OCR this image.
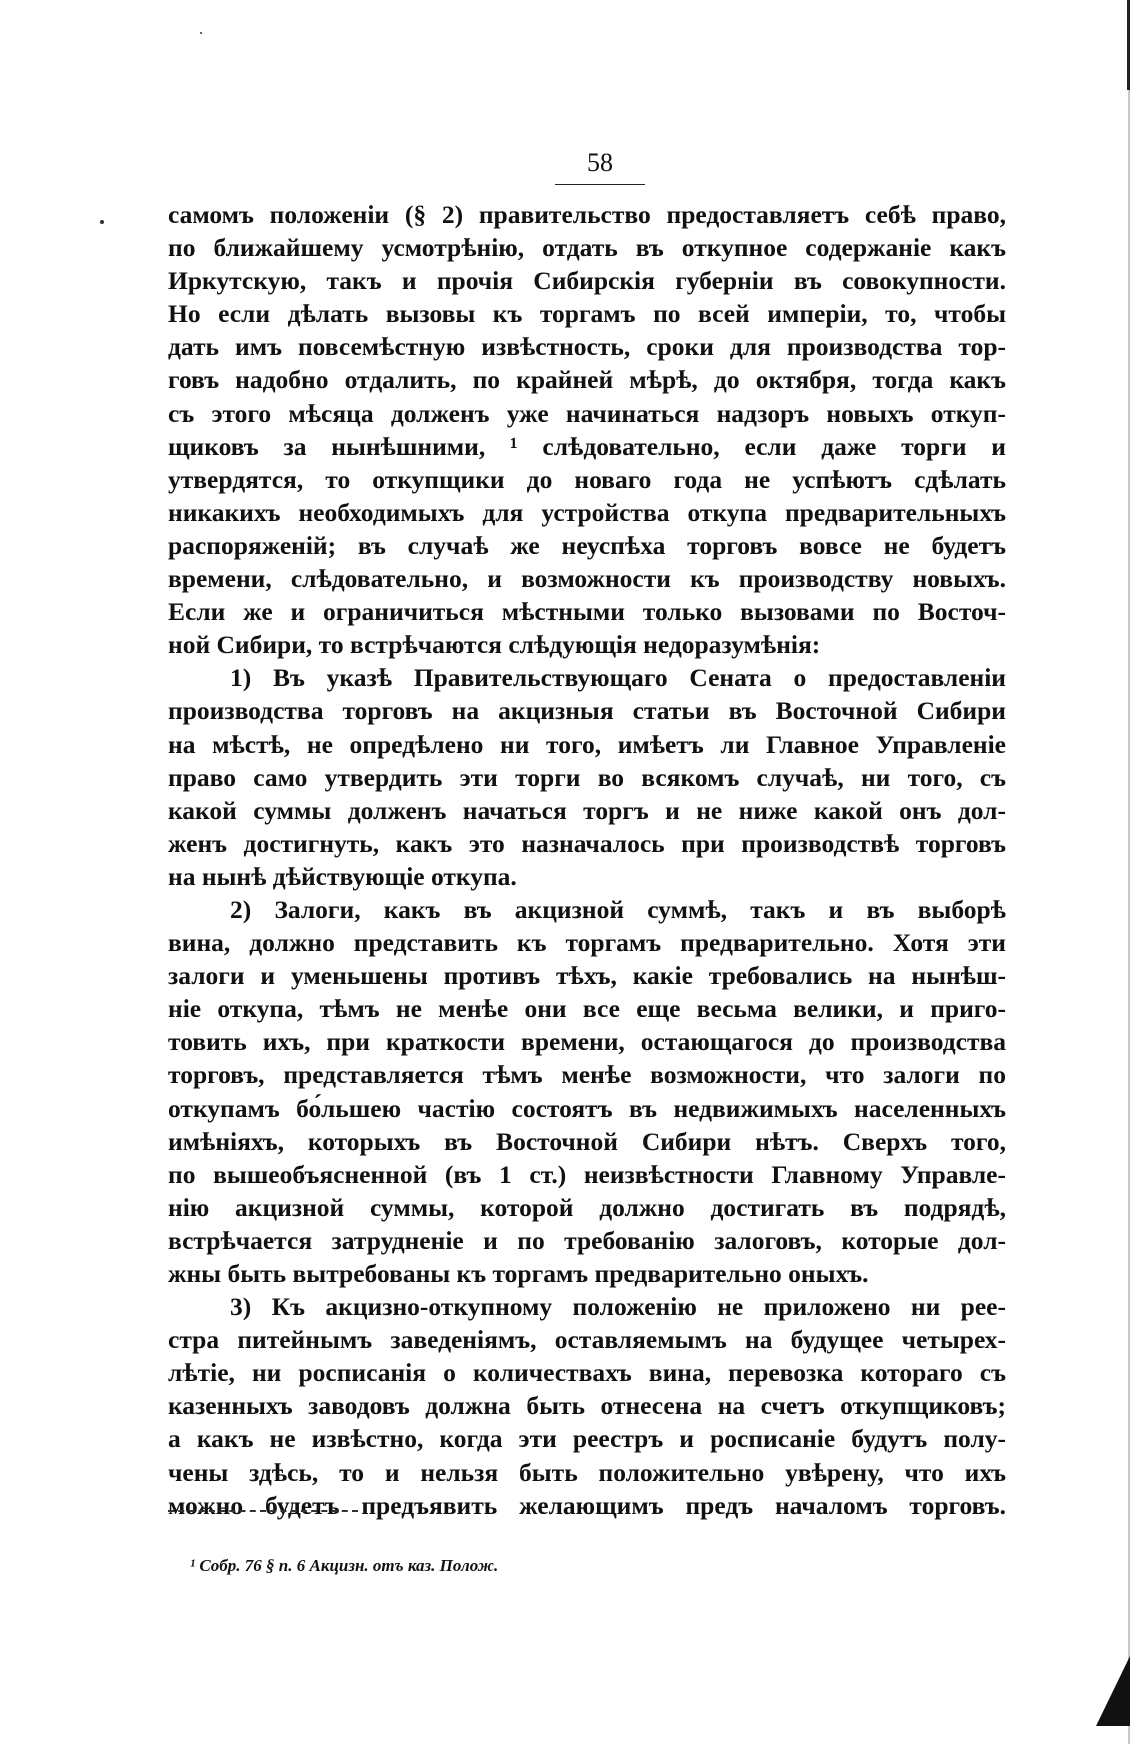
58
самомъ положеніи (§ 2) правительство предоставляетъ себѣ право,
по ближайшему усмотрѣнію, отдать въ откупное содержаніе какъ
Иркутскую, такъ и прочія Сибирскія губерніи въ совокупности.
Но если дѣлать вызовы къ торгамъ по всей имперіи, то, чтобы
дать имъ повсемѣстную извѣстность, сроки для производства тор-
говъ надобно отдалить, по крайней мѣрѣ, до октября, тогда какъ
съ этого мѣсяца долженъ уже начинаться надзоръ новыхъ откуп-
щиковъ за нынѣшними, ¹ слѣдовательно, если даже торги и
утвердятся, то откупщики до новаго года не успѣютъ сдѣлать
никакихъ необходимыхъ для устройства откупа предварительныхъ
распоряженій; въ случаѣ же неуспѣха торговъ вовсе не будетъ
времени, слѣдовательно, и возможности къ производству новыхъ.
Если же и ограничиться мѣстными только вызовами по Восточ-
ной Сибири, то встрѣчаются слѣдующія недоразумѣнія:
1) Въ указѣ Правительствующаго Сената о предоставленіи
производства торговъ на акцизныя статьи въ Восточной Сибири
на мѣстѣ, не опредѣлено ни того, имѣетъ ли Главное Управленіе
право само утвердить эти торги во всякомъ случаѣ, ни того, съ
какой суммы долженъ начаться торгъ и не ниже какой онъ дол-
женъ достигнуть, какъ это назначалось при производствѣ торговъ
на нынѣ дѣйствующіе откупа.
2) Залоги, какъ въ акцизной суммѣ, такъ и въ выборѣ
вина, должно представить къ торгамъ предварительно. Хотя эти
залоги и уменьшены противъ тѣхъ, какіе требовались на нынѣш-
ніе откупа, тѣмъ не менѣе они все еще весьма велики, и приго-
товить ихъ, при краткости времени, остающагося до производства
торговъ, представляется тѣмъ менѣе возможности, что залоги по
откупамъ бо́льшею частію состоятъ въ недвижимыхъ населенныхъ
имѣніяхъ, которыхъ въ Восточной Сибири нѣтъ. Сверхъ того,
по вышеобъясненной (въ 1 ст.) неизвѣстности Главному Управле-
нію акцизной суммы, которой должно достигать въ подрядѣ,
встрѣчается затрудненіе и по требованію залоговъ, которые дол-
жны быть вытребованы къ торгамъ предварительно оныхъ.
3) Къ акцизно-откупному положенію не приложено ни рее-
стра питейнымъ заведеніямъ, оставляемымъ на будущее четырех-
лѣтіе, ни росписанія о количествахъ вина, перевозка котораго съ
казенныхъ заводовъ должна быть отнесена на счетъ откупщиковъ;
а какъ не извѣстно, когда эти реестръ и росписаніе будутъ полу-
чены здѣсь, то и нельзя быть положительно увѣрену, что ихъ
можно будетъ предъявить желающимъ предъ началомъ торговъ.
¹ Собр. 76 § п. 6 Акцизн. отъ каз. Полож.
